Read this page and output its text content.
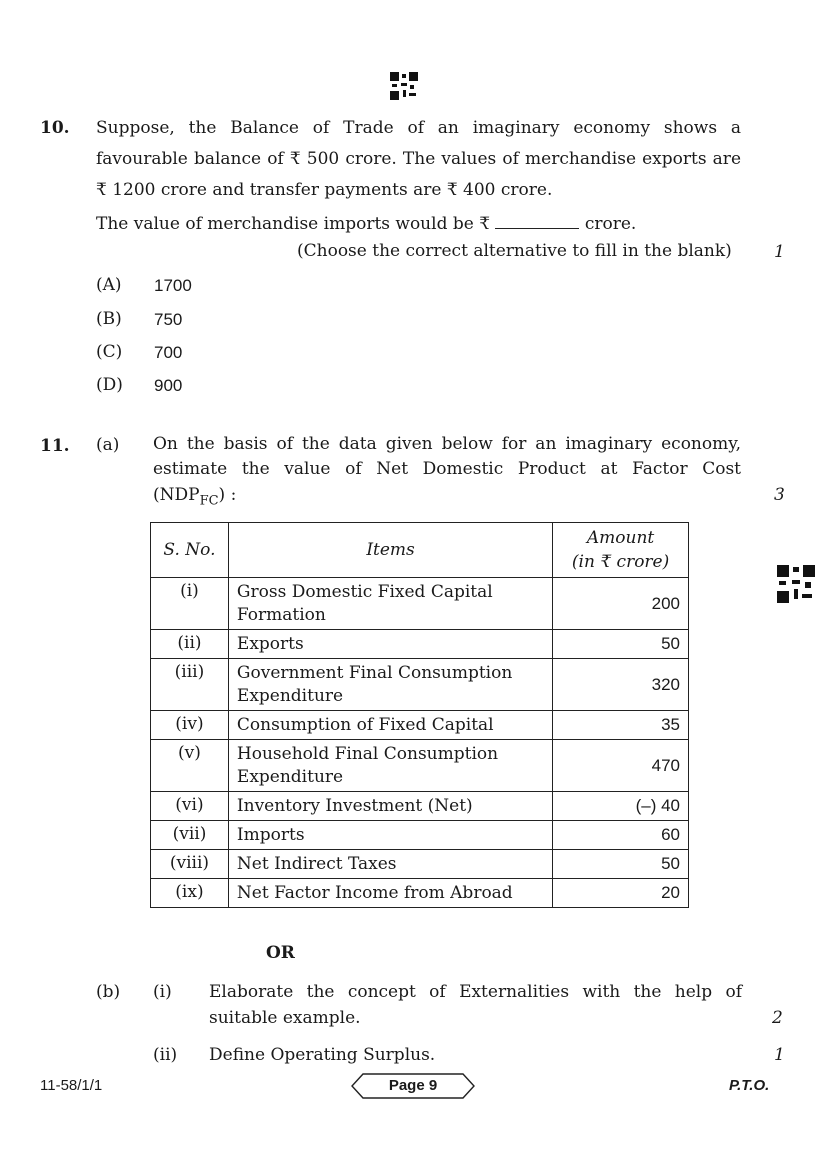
10. Suppose, the Balance of Trade of an imaginary economy shows a
favourable balance of ₹ 500 crore. The values of merchandise exports are
₹ 1200 crore and transfer payments are ₹ 400 crore.
The value of merchandise imports would be ₹	crore.
(Choose the correct alternative to fill in the blank) 1
(A) 1700
(B) 750
(C) 700
(D) 900
11. (a) On the basis of the data given below for an imaginary economy,
estimate the value of Net Domestic Product at Factor Cost
$(NDP_{FC})$ :	3
S. No.	Items	Amount
(in ₹ crore)

(i)	Gross Domestic Fixed Capital
Formation	200
(ii)	Exports	50
(iii)	Government Final Consumption
Expenditure	320
(iv)	Consumption of Fixed Capital	35
(v)	Household Final Consumption
Expenditure	470
(vi)	Inventory Investment (Net)	(–) 40
(vii)	Imports	60
(viii)	Net Indirect Taxes	50
(ix)	Net Factor Income from Abroad	20
OR
(b) (i) Elaborate the concept of Externalities with the help of
suitable example.	2
(ii) Define Operating Surplus.	1
11-58/1/1	Page 9	P.T.O.
